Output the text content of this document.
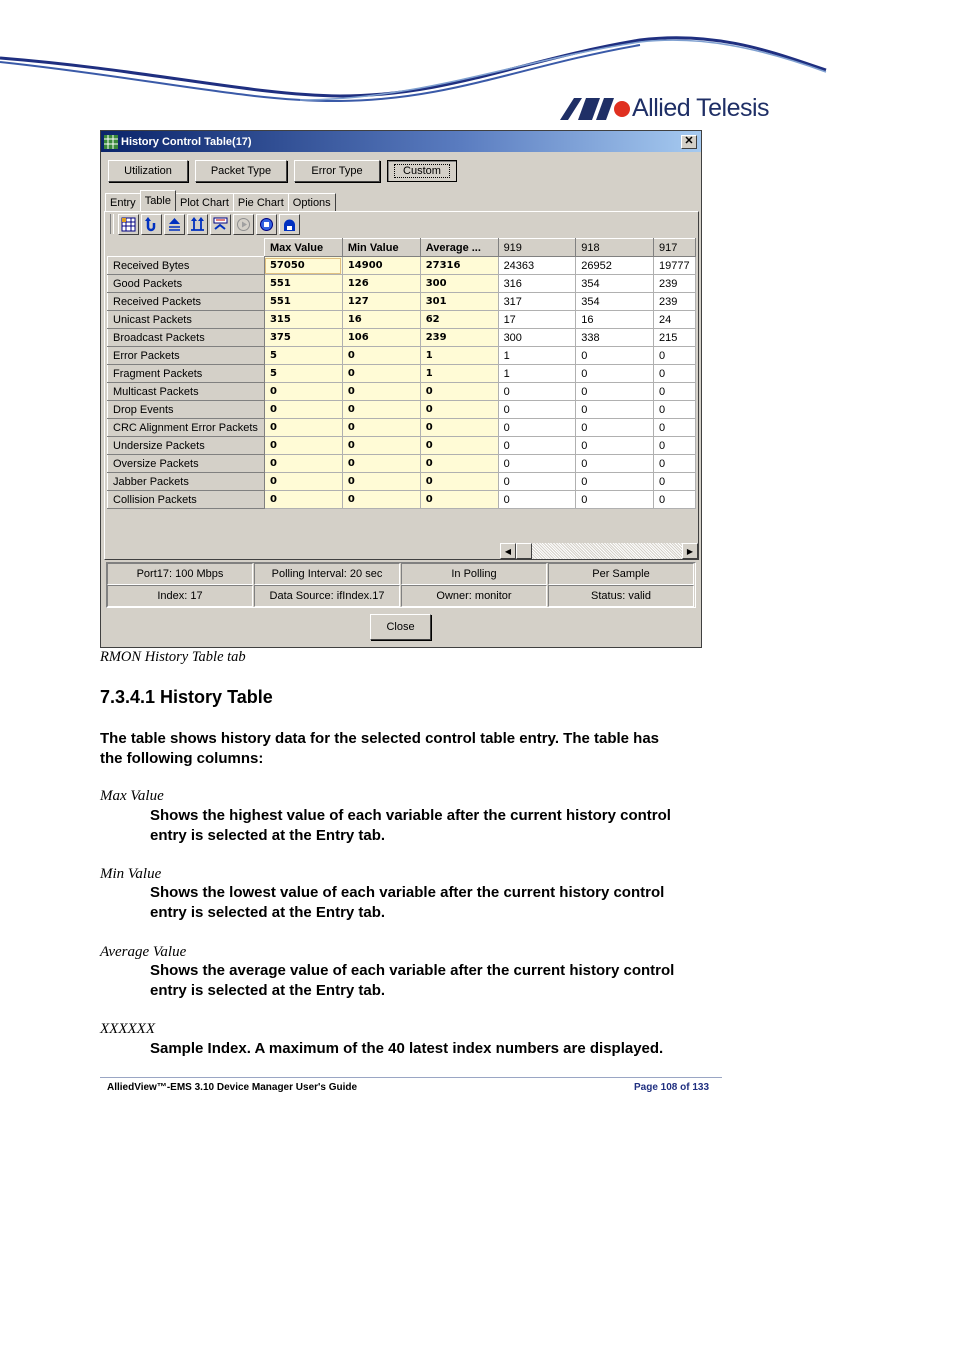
Allied Telesis
History Control Table(17)	✕
Utilization	Packet Type	Error Type	Custom
Entry Table Plot Chart Pie Chart Options
	Max Value	Min Value	Average ...	919	918	917
Received Bytes	57050	14900	27316	24363	26952	19777
Good Packets	551	126	300	316	354	239
Received Packets	551	127	301	317	354	239
Unicast Packets	315	16	62	17	16	24
Broadcast Packets	375	106	239	300	338	215
Error Packets	5	0	1	1	0	0
Fragment Packets	5	0	1	1	0	0
Multicast Packets	0	0	0	0	0	0
Drop Events	0	0	0	0	0	0
CRC Alignment Error Packets	0	0	0	0	0	0
Undersize Packets	0	0	0	0	0	0
Oversize Packets	0	0	0	0	0	0
Jabber Packets	0	0	0	0	0	0
Collision Packets	0	0	0	0	0	0
◀	▶
Port17: 100 Mbps	Polling Interval: 20 sec	In Polling	Per Sample
Index: 17	Data Source: ifIndex.17	Owner: monitor	Status: valid
Close
RMON History Table tab
7.3.4.1 History Table
The table shows history data for the selected control table entry. The table has
the following columns:
Max Value
Shows the highest value of each variable after the current history control
entry is selected at the Entry tab.
Min Value
Shows the lowest value of each variable after the current history control
entry is selected at the Entry tab.
Average Value
Shows the average value of each variable after the current history control
entry is selected at the Entry tab.
XXXXXX
Sample Index. A maximum of the 40 latest index numbers are displayed.
AlliedView™-EMS 3.10 Device Manager User's Guide	Page 108 of 133
